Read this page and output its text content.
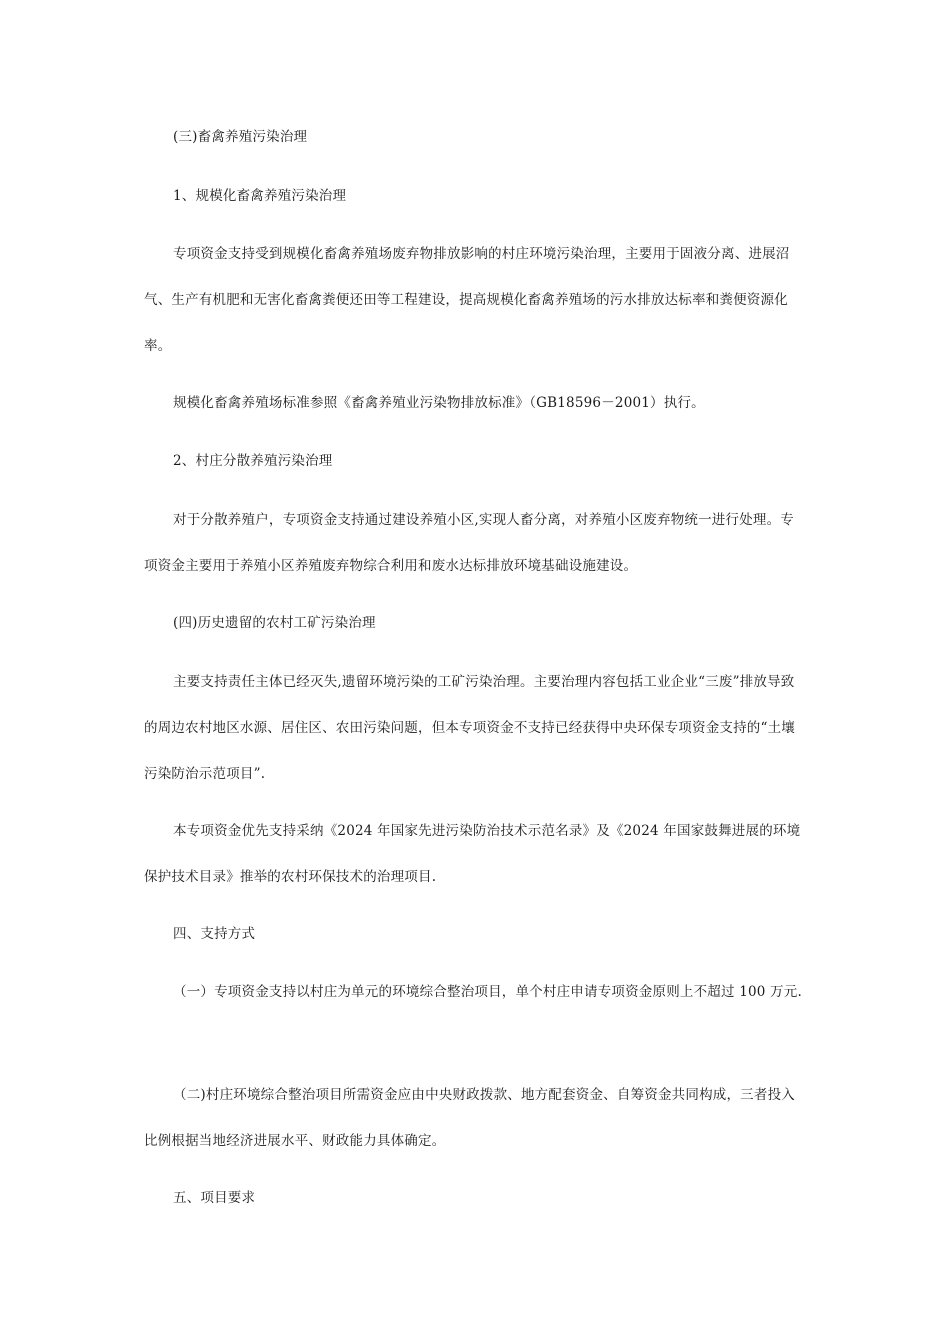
(三)畜禽养殖污染治理

1、规模化畜禽养殖污染治理

专项资金支持受到规模化畜禽养殖场废弃物排放影响的村庄环境污染治理，主要用于固液分离、进展沼气、生产有机肥和无害化畜禽粪便还田等工程建设，提高规模化畜禽养殖场的污水排放达标率和粪便资源化率。

规模化畜禽养殖场标准参照《畜禽养殖业污染物排放标准》（GB18596－2001）执行。

2、村庄分散养殖污染治理

对于分散养殖户，专项资金支持通过建设养殖小区,实现人畜分离，对养殖小区废弃物统一进行处理。专项资金主要用于养殖小区养殖废弃物综合利用和废水达标排放环境基础设施建设。

(四)历史遗留的农村工矿污染治理

主要支持责任主体已经灭失,遗留环境污染的工矿污染治理。主要治理内容包括工业企业“三废”排放导致的周边农村地区水源、居住区、农田污染问题，但本专项资金不支持已经获得中央环保专项资金支持的“土壤污染防治示范项目”.

本专项资金优先支持采纳《2024 年国家先进污染防治技术示范名录》及《2024 年国家鼓舞进展的环境保护技术目录》推举的农村环保技术的治理项目.

四、支持方式

（一）专项资金支持以村庄为单元的环境综合整治项目，单个村庄申请专项资金原则上不超过 100 万元.

（二)村庄环境综合整治项目所需资金应由中央财政拨款、地方配套资金、自筹资金共同构成，三者投入比例根据当地经济进展水平、财政能力具体确定。

五、项目要求
